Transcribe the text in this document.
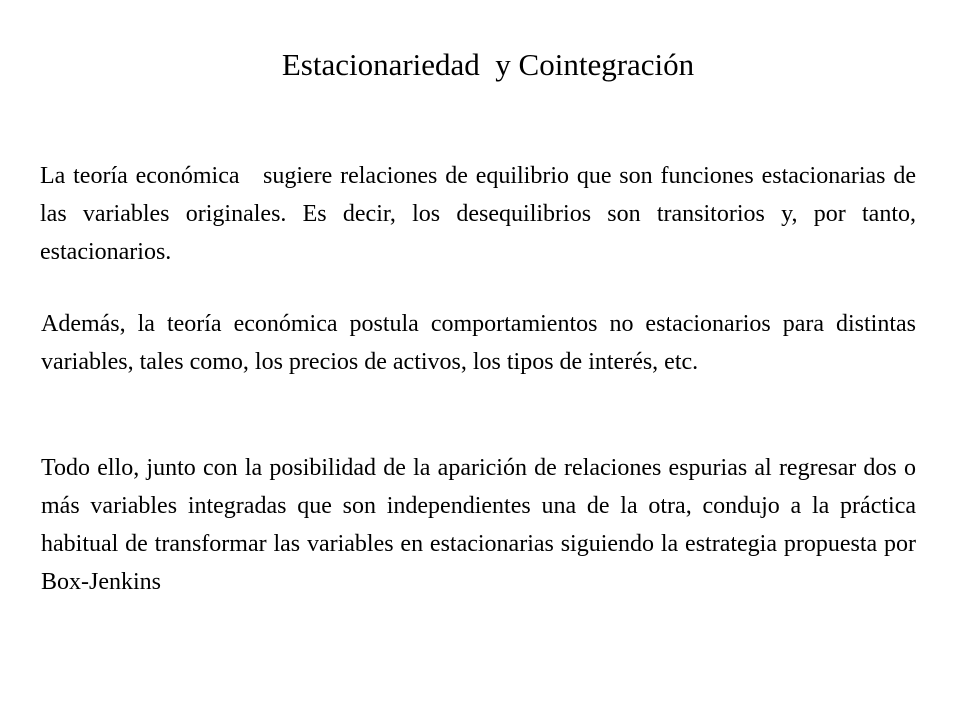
Estacionariedad  y Cointegración

La teoría económica   sugiere relaciones de equilibrio que son funciones estacionarias de las variables originales. Es decir, los desequilibrios son transitorios y, por tanto, estacionarios.

Además, la teoría económica postula comportamientos no estacionarios para distintas variables, tales como, los precios de activos, los tipos de interés, etc.

Todo ello, junto con la posibilidad de la aparición de relaciones espurias al regresar dos o más variables integradas que son independientes una de la otra, condujo a la práctica habitual de transformar las variables en estacionarias siguiendo la estrategia propuesta por Box-Jenkins
